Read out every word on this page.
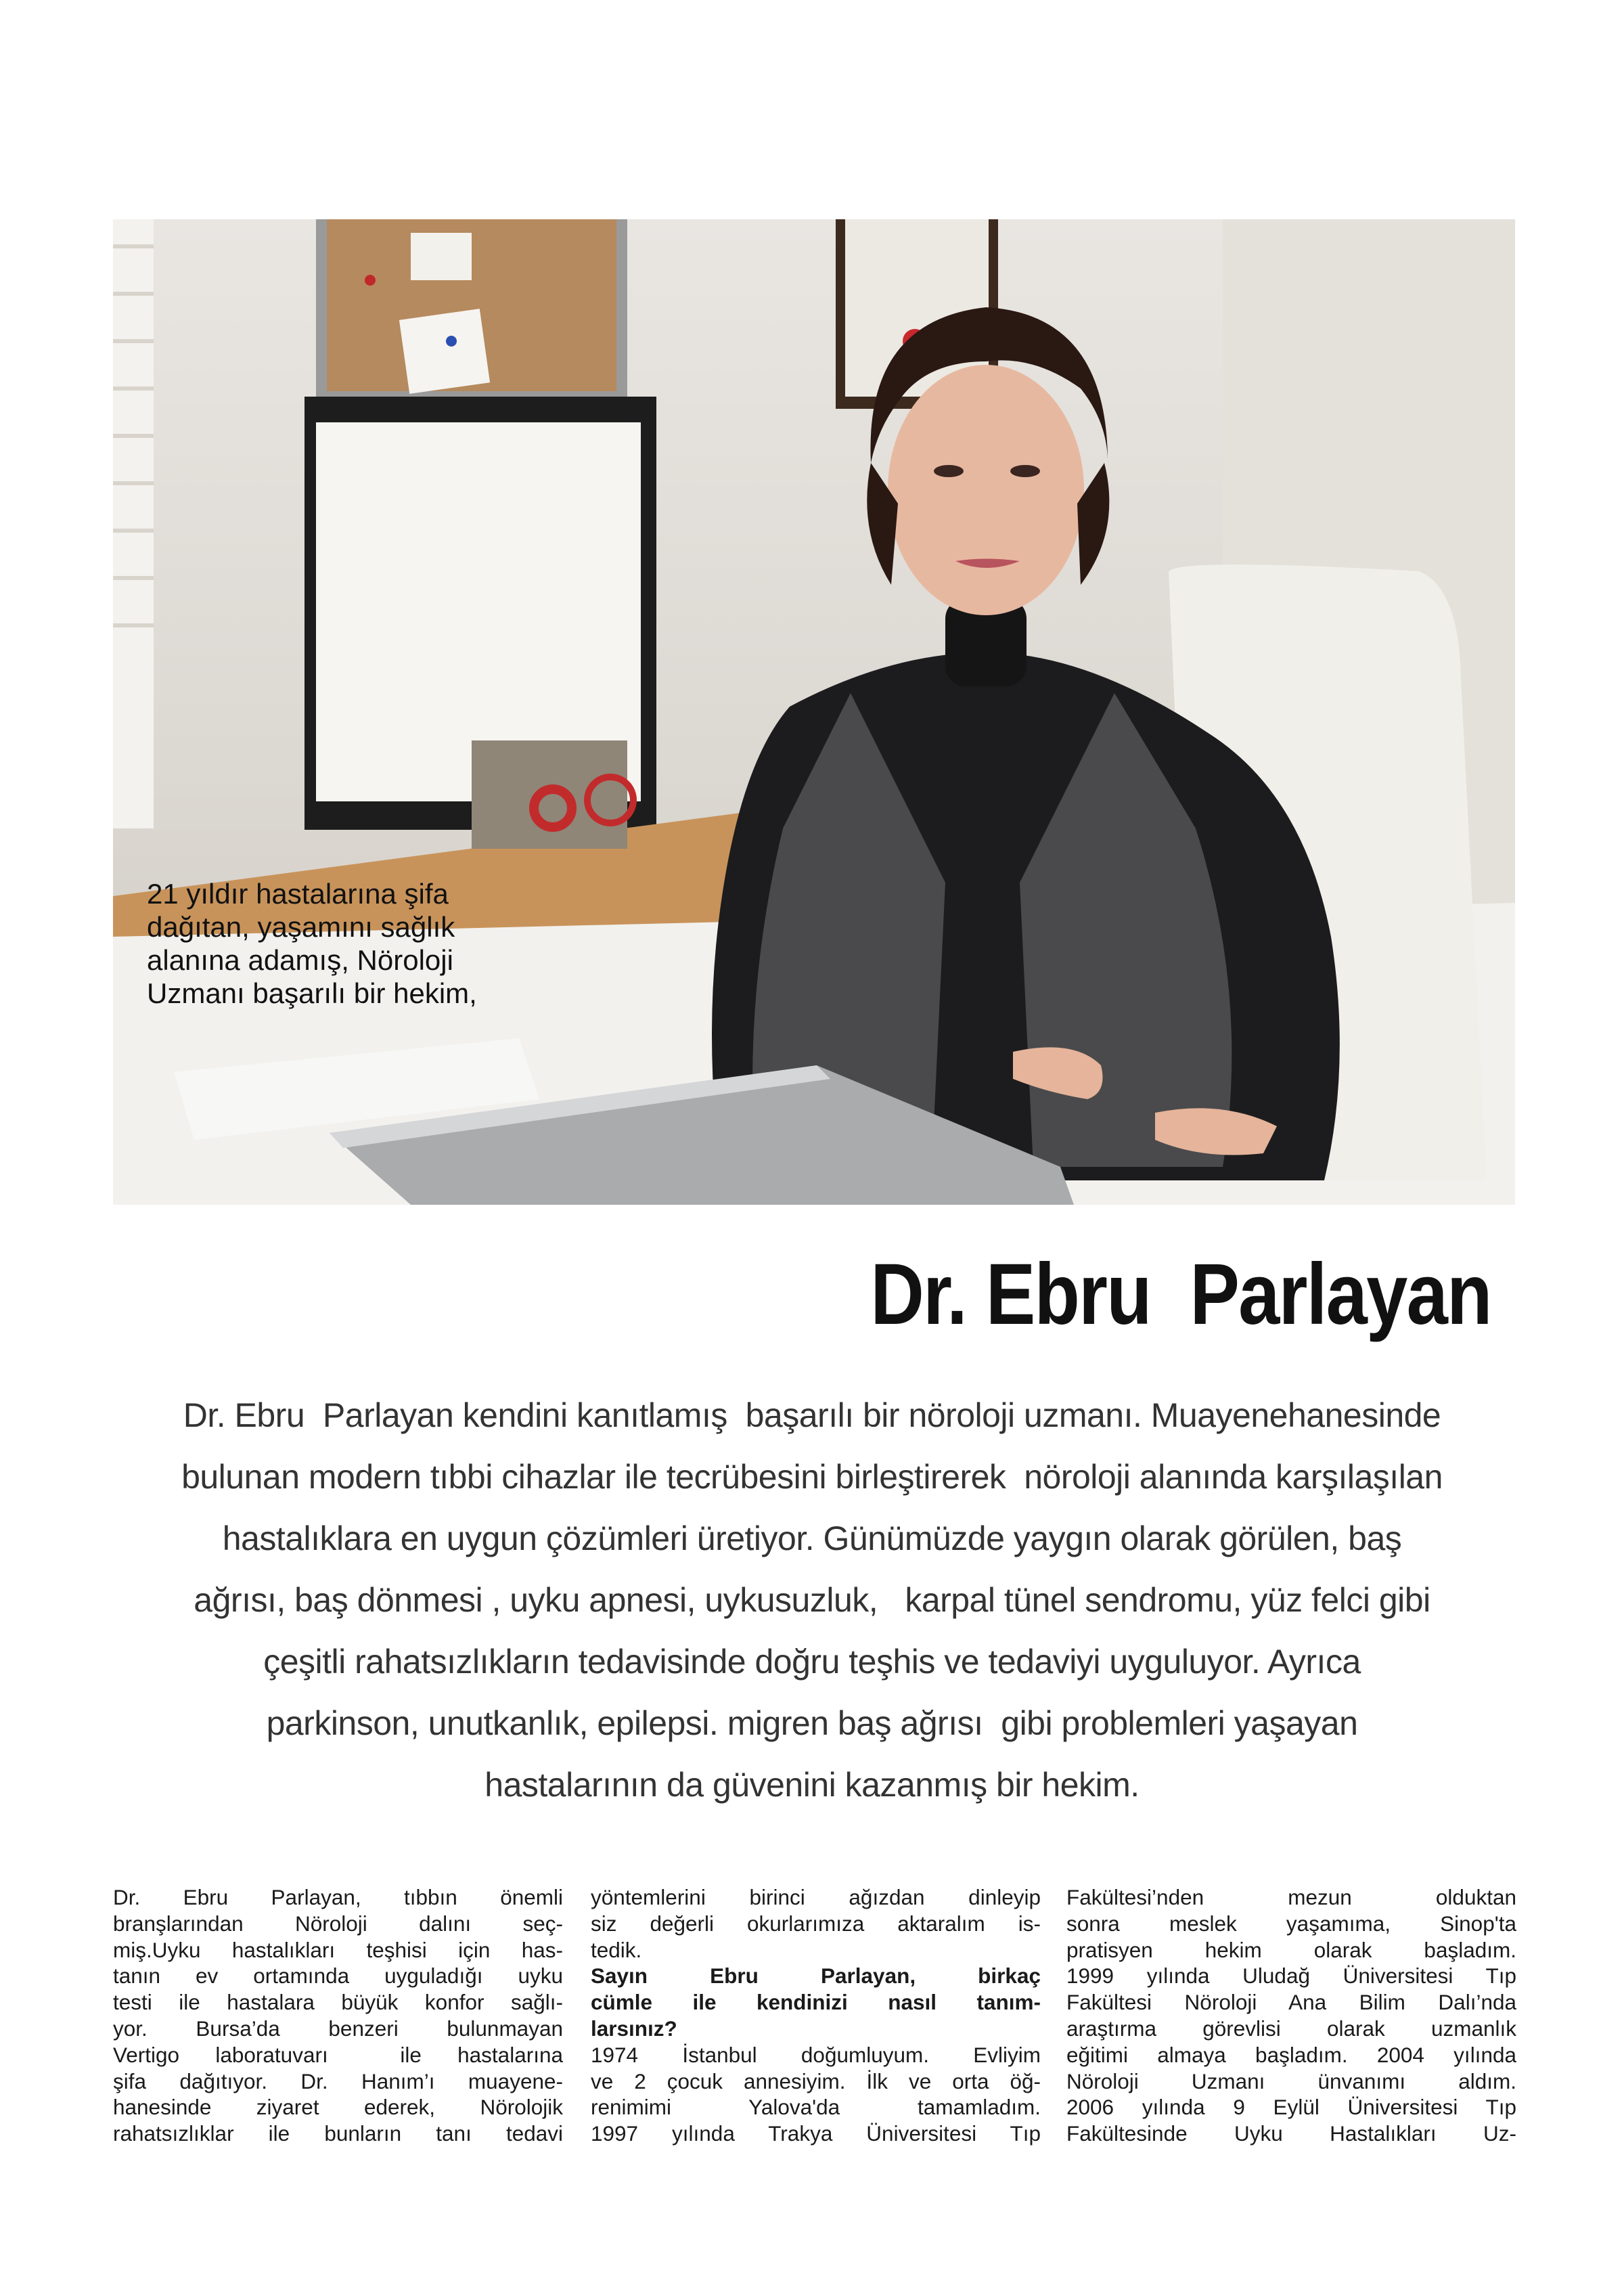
21 yıldır hastalarına şifa
dağıtan, yaşamını sağlık
alanına adamış, Nöroloji
Uzmanı başarılı bir hekim,
Dr. Ebru  Parlayan
Dr. Ebru  Parlayan kendini kanıtlamış  başarılı bir nöroloji uzmanı. Muayenehanesinde
bulunan modern tıbbi cihazlar ile tecrübesini birleştirerek  nöroloji alanında karşılaşılan
hastalıklara en uygun çözümleri üretiyor. Günümüzde yaygın olarak görülen, baş
ağrısı, baş dönmesi , uyku apnesi, uykusuzluk,   karpal tünel sendromu, yüz felci gibi
çeşitli rahatsızlıkların tedavisinde doğru teşhis ve tedaviyi uyguluyor. Ayrıca
parkinson, unutkanlık, epilepsi. migren baş ağrısı  gibi problemleri yaşayan
hastalarının da güvenini kazanmış bir hekim.
Dr. Ebru Parlayan, tıbbın önemli
branşlarından Nöroloji dalını seç-
miş.Uyku hastalıkları teşhisi için has-
tanın ev ortamında uyguladığı uyku
testi ile hastalara büyük konfor sağlı-
yor. Bursa’da benzeri bulunmayan
Vertigo laboratuvarı  ile hastalarına
şifa dağıtıyor. Dr. Hanım’ı muayene-
hanesinde ziyaret ederek, Nörolojik
rahatsızlıklar ile bunların tanı tedavi
yöntemlerini birinci ağızdan dinleyip
siz değerli okurlarımıza aktaralım is-
tedik.
Sayın Ebru Parlayan, birkaç
cümle ile kendinizi nasıl tanım-
larsınız?
1974 İstanbul doğumluyum. Evliyim
ve 2 çocuk annesiyim. İlk ve orta öğ-
renimimi Yalova'da tamamladım.
1997 yılında Trakya Üniversitesi Tıp
Fakültesi’nden mezun olduktan
sonra meslek yaşamıma, Sinop'ta
pratisyen hekim olarak başladım.
1999 yılında Uludağ Üniversitesi Tıp
Fakültesi Nöroloji Ana Bilim Dalı’nda
araştırma görevlisi olarak uzmanlık
eğitimi almaya başladım. 2004 yılında
Nöroloji Uzmanı ünvanımı aldım.
2006 yılında 9 Eylül Üniversitesi Tıp
Fakültesinde Uyku Hastalıkları Uz-
